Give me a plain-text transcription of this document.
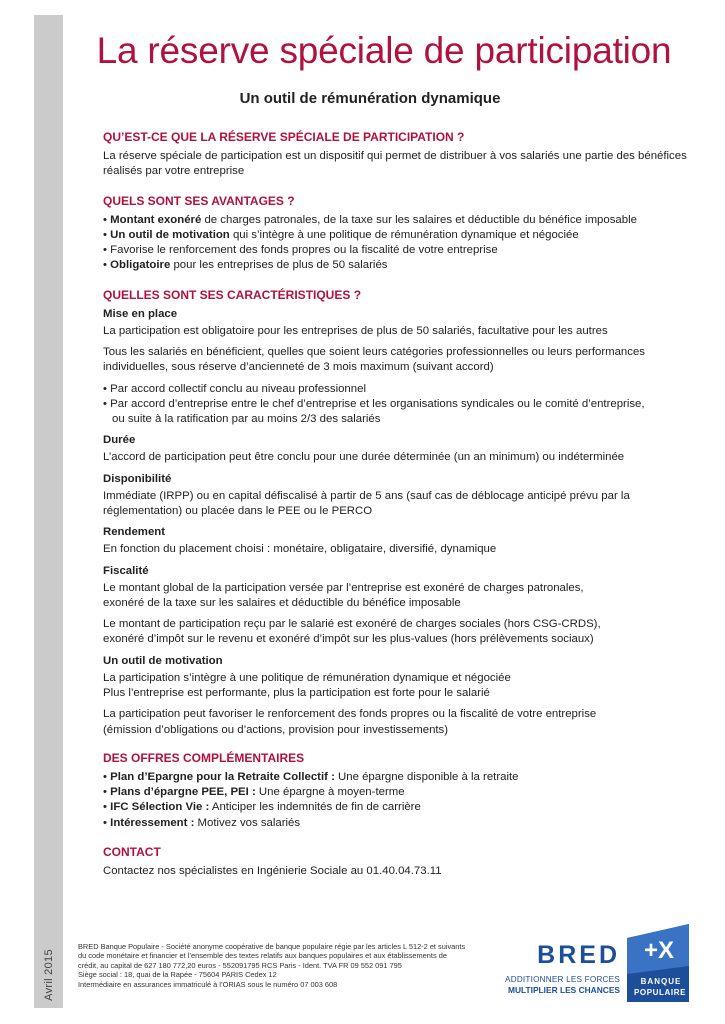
Avril 2015
La réserve spéciale de participation
Un outil de rémunération dynamique
QU’EST-CE QUE LA RÉSERVE SPÉCIALE DE PARTICIPATION ?
La réserve spéciale de participation est un dispositif qui permet de distribuer à vos salariés une partie des bénéfices réalisés par votre entreprise
QUELS SONT SES AVANTAGES ?
• Montant exonéré de charges patronales, de la taxe sur les salaires et déductible du bénéfice imposable
• Un outil de motivation qui s’intègre à une politique de rémunération dynamique et négociée
• Favorise le renforcement des fonds propres ou la fiscalité de votre entreprise
• Obligatoire pour les entreprises de plus de 50 salariés
QUELLES SONT SES CARACTÉRISTIQUES ?
Mise en place
La participation est obligatoire pour les entreprises de plus de 50 salariés, facultative pour les autres
Tous les salariés en bénéficient, quelles que soient leurs catégories professionnelles ou leurs performances individuelles, sous réserve d’ancienneté de 3 mois maximum (suivant accord)
• Par accord collectif conclu au niveau professionnel
• Par accord d’entreprise entre le chef d’entreprise et les organisations syndicales ou le comité d’entreprise,
ou suite à la ratification par au moins 2/3 des salariés
Durée
L’accord de participation peut être conclu pour une durée déterminée (un an minimum) ou indéterminée
Disponibilité
Immédiate (IRPP) ou en capital défiscalisé à partir de 5 ans (sauf cas de déblocage anticipé prévu par la réglementation) ou placée dans le PEE ou le PERCO
Rendement
En fonction du placement choisi : monétaire, obligataire, diversifié, dynamique
Fiscalité
Le montant global de la participation versée par l’entreprise est exonéré de charges patronales,
exonéré de la taxe sur les salaires et déductible du bénéfice imposable
Le montant de participation reçu par le salarié est exonéré de charges sociales (hors CSG-CRDS),
exonéré d’impôt sur le revenu et exonéré d’impôt sur les plus-values (hors prélèvements sociaux)
Un outil de motivation
La participation s’intègre à une politique de rémunération dynamique et négociée
Plus l’entreprise est performante, plus la participation est forte pour le salarié
La participation peut favoriser le renforcement des fonds propres ou la fiscalité de votre entreprise
(émission d’obligations ou d’actions, provision pour investissements)
DES OFFRES COMPLÉMENTAIRES
• Plan d’Epargne pour la Retraite Collectif : Une épargne disponible à la retraite
• Plans d’épargne PEE, PEI : Une épargne à moyen-terme
• IFC Sélection Vie : Anticiper les indemnités de fin de carrière
• Intéressement : Motivez vos salariés
CONTACT
Contactez nos spécialistes en Ingénierie Sociale au 01.40.04.73.11
BRED Banque Populaire - Société anonyme coopérative de banque populaire régie par les articles L 512-2 et suivants
du code monétaire et financier et l’ensemble des textes relatifs aux banques populaires et aux établissements de
crédit, au capital de 627 180 772,20 euros - 552091795 RCS Paris - Ident. TVA FR 09 552 091 795
Siège social : 18, quai de la Rapée - 75604 PARIS Cedex 12
Intermédiaire en assurances immatriculé à l’ORIAS sous le numéro 07 003 608
BRED
ADDITIONNER LES FORCES
MULTIPLIER LES CHANCES
+X
BANQUE
POPULAIRE
